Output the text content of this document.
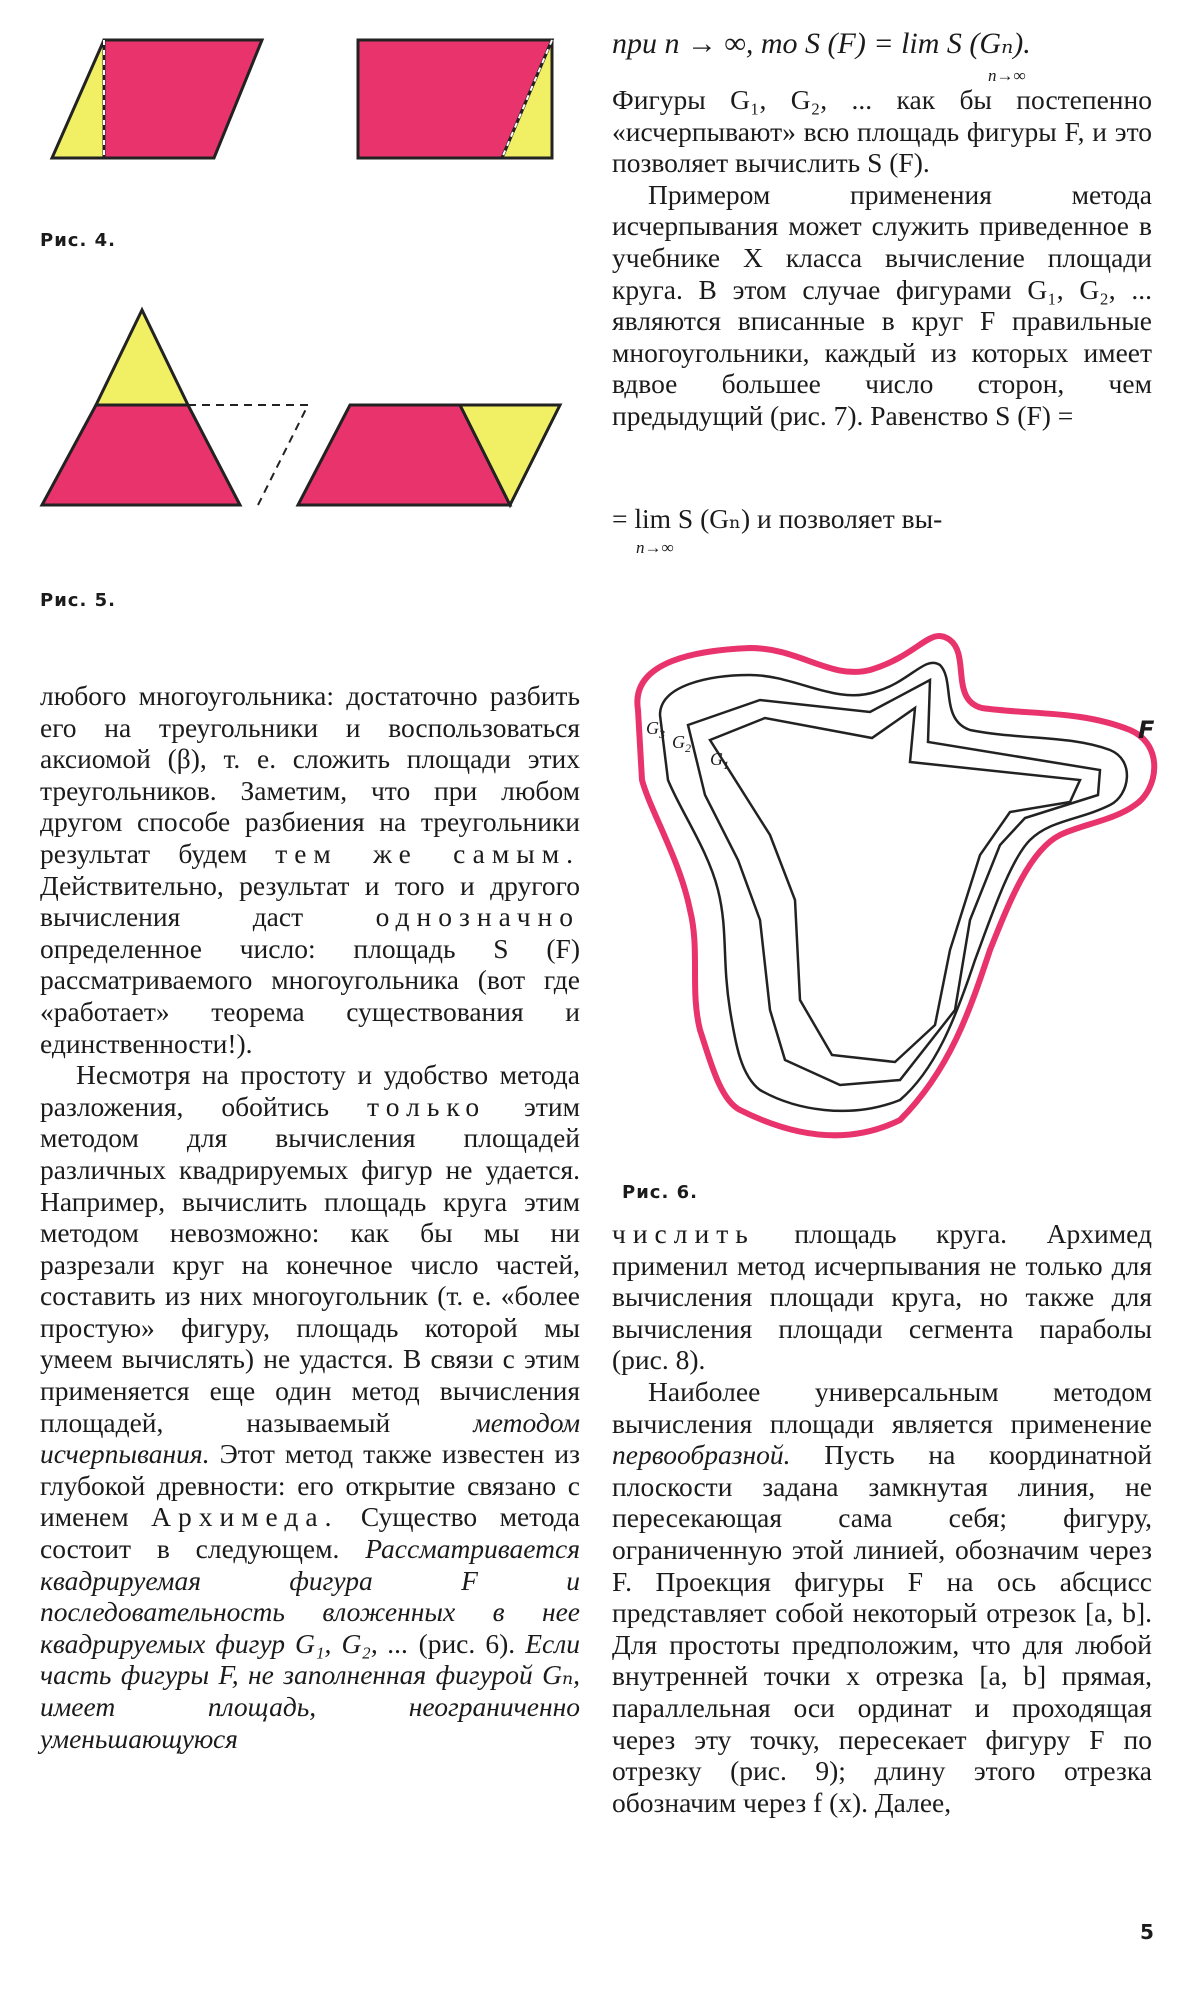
Рис. 4.
Рис. 5.
при n → ∞, то S (F) = lim S (Gₙ).
n→∞

Фигуры G₁, G₂, ... как бы постепенно «исчерпывают» всю площадь фигуры F, и это позволяет вычислить S (F).

Примером применения метода исчерпывания может служить приведенное в учебнике X класса вычисление площади круга. В этом случае фигурами G₁, G₂, ... являются вписанные в круг F правильные многоугольники, каждый из которых имеет вдвое большее число сторон, чем предыдущий (рис. 7). Равенство S (F) =

= lim S (Gₙ) и позволяет вы-
n→∞
F
$G_3$ $G_2$
$G_1$
Рис. 6.

любого многоугольника: достаточно разбить его на треугольники и воспользоваться аксиомой (β), т. е. сложить площади этих треугольников. Заметим, что при любом другом способе разбиения на треугольники результат будем тем же самым. Действительно, результат и того и другого вычисления даст	однозначно определенное число: площадь S (F) рассматриваемого многоугольника (вот где «работает» теорема существования и единственности!).

Несмотря на простоту и удобство метода разложения, обойтись только этим методом для вычисления площадей различных квадрируемых фигур не удается. Например, вычислить площадь круга этим методом невозможно: как бы мы ни разрезали круг на конечное число частей, составить из них многоугольник (т. е. «более простую» фигуру, площадь которой мы умеем вычислять) не удастся. В связи с этим применяется еще один метод вычисления площадей, называемый	методом исчерпывания. Этот метод также известен из глубокой древности: его открытие связано с именем Архимеда. Существо метода состоит в следующем. Рассматривается квадрируемая фигура F и последовательность вложенных в нее квадрируемых фигур G₁, G₂, ... (рис. 6). Если часть фигуры F, не заполненная фигурой Gₙ, имеет площадь, неограниченно уменьшающуюся

числить площадь круга. Архимед применил метод исчерпывания не только для вычисления площади круга, но также для вычисления площади сегмента параболы (рис. 8).

Наиболее универсальным методом вычисления площади является применение первообразной. Пусть на координатной плоскости задана замкнутая линия, не пересекающая сама себя; фигуру, ограниченную этой линией, обозначим через F. Проекция фигуры F на ось абсцисс представляет собой некоторый отрезок [a, b]. Для простоты предположим, что для любой внутренней точки x отрезка [a, b] прямая, параллельная оси ординат и проходящая через эту точку, пересекает фигуру F по отрезку (рис. 9); длину этого отрезка обозначим через f (x). Далее,

5
